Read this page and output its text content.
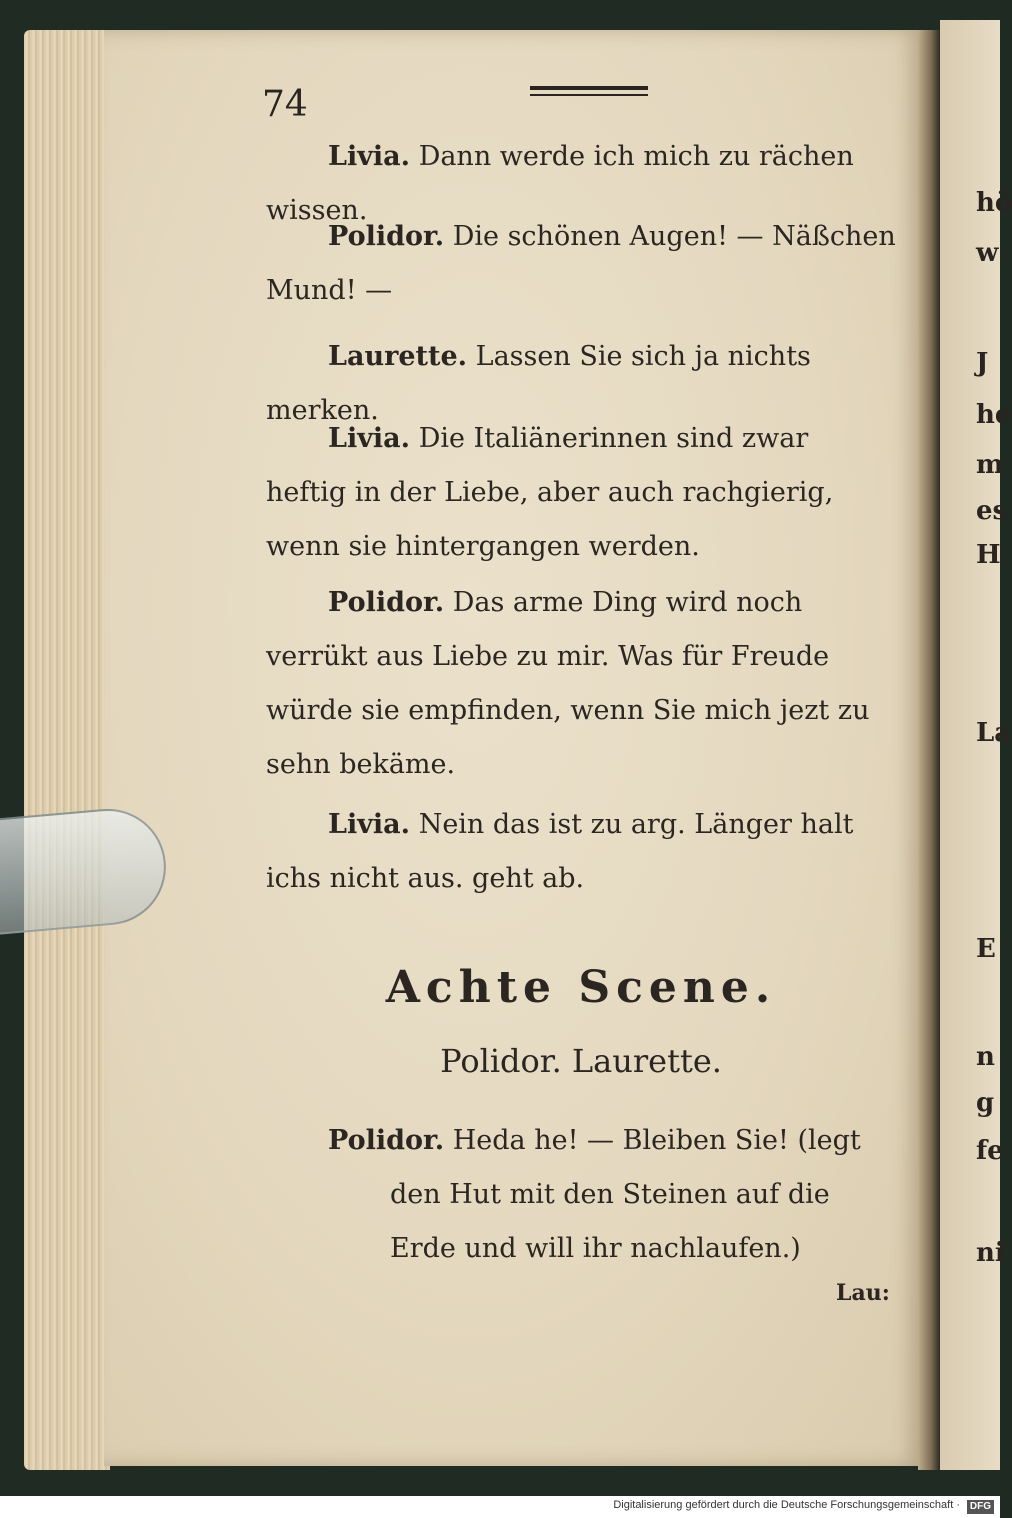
hö
w
J
he
m
es
H
La
E
n
g
fe
ni
74

Livia. Dann werde ich mich zu rächen wissen.

Polidor. Die schönen Augen! — Näßchen Mund! —

Laurette. Lassen Sie sich ja nichts merken.

Livia. Die Italiänerinnen sind zwar heftig in der Liebe, aber auch rachgierig, wenn sie hintergangen werden.

Polidor. Das arme Ding wird noch verrükt aus Liebe zu mir. Was für Freude würde sie empfinden, wenn Sie mich jezt zu sehn bekäme.

Livia. Nein das ist zu arg. Länger halt ichs nicht aus. geht ab.

Achte Scene.
Polidor. Laurette.

Polidor. Heda he! — Bleiben Sie! (legt den Hut mit den Steinen auf die Erde und will ihr nachlaufen.)

Lau:
Digitalisierung gefördert durch die Deutsche Forschungsgemeinschaft · DFG
